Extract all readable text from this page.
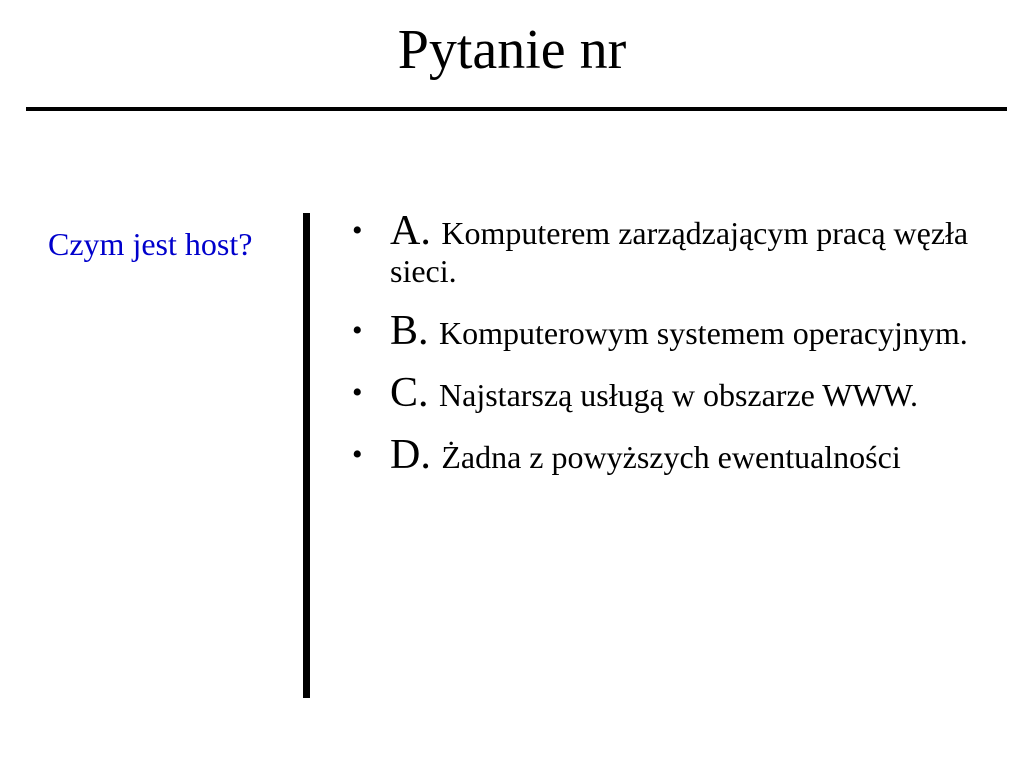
Pytanie nr
Czym jest host?	• A. Komputerem zarządzającym pracą węzła sieci.
• B. Komputerowym systemem operacyjnym.
• C. Najstarszą usługą w obszarze WWW.
• D. Żadna z powyższych ewentualności
